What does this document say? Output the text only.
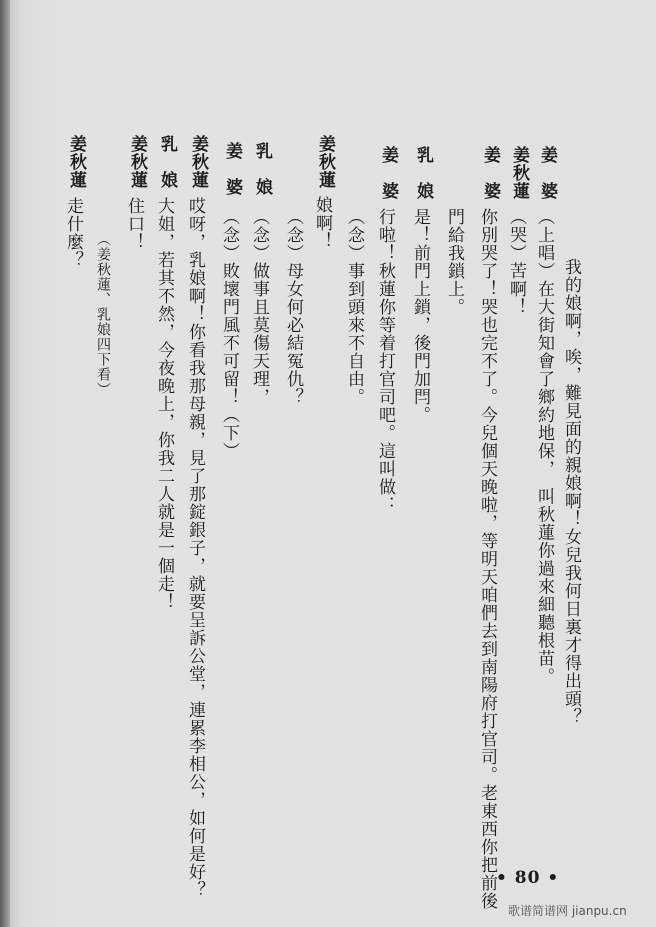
我的娘啊，唉，難見面的親娘啊！女兒我何日裏才得出頭？
姜　婆
（上唱）在大街知會了鄉約地保，　叫秋蓮你過來細聽根苗。
姜秋蓮
（哭）苦啊！
姜　婆
你別哭了！哭也完不了。今兒個天晚啦，等明天咱們去到南陽府打官司。老東西你把前後
門給我鎖上。
乳　娘
是！前門上鎖，後門加閂。
姜　婆
行啦！秋蓮你等着打官司吧。這叫做：
（念）事到頭來不自由。
姜秋蓮
娘啊！
（念）母女何必結冤仇？
乳　娘
（念）做事且莫傷天理，
姜　婆
（念）敗壞門風不可留！（下）
姜秋蓮
哎呀，乳娘啊！你看我那母親，見了那錠銀子，就要呈訴公堂，連累李相公，如何是好？
乳　娘
大姐，若其不然，今夜晚上，你我二人就是一個走！
姜秋蓮
住口！
（姜秋蓮、乳娘四下看）
走什麼？
姜秋蓮
• 80 •
歌谱简谱网 jianpu.cn
